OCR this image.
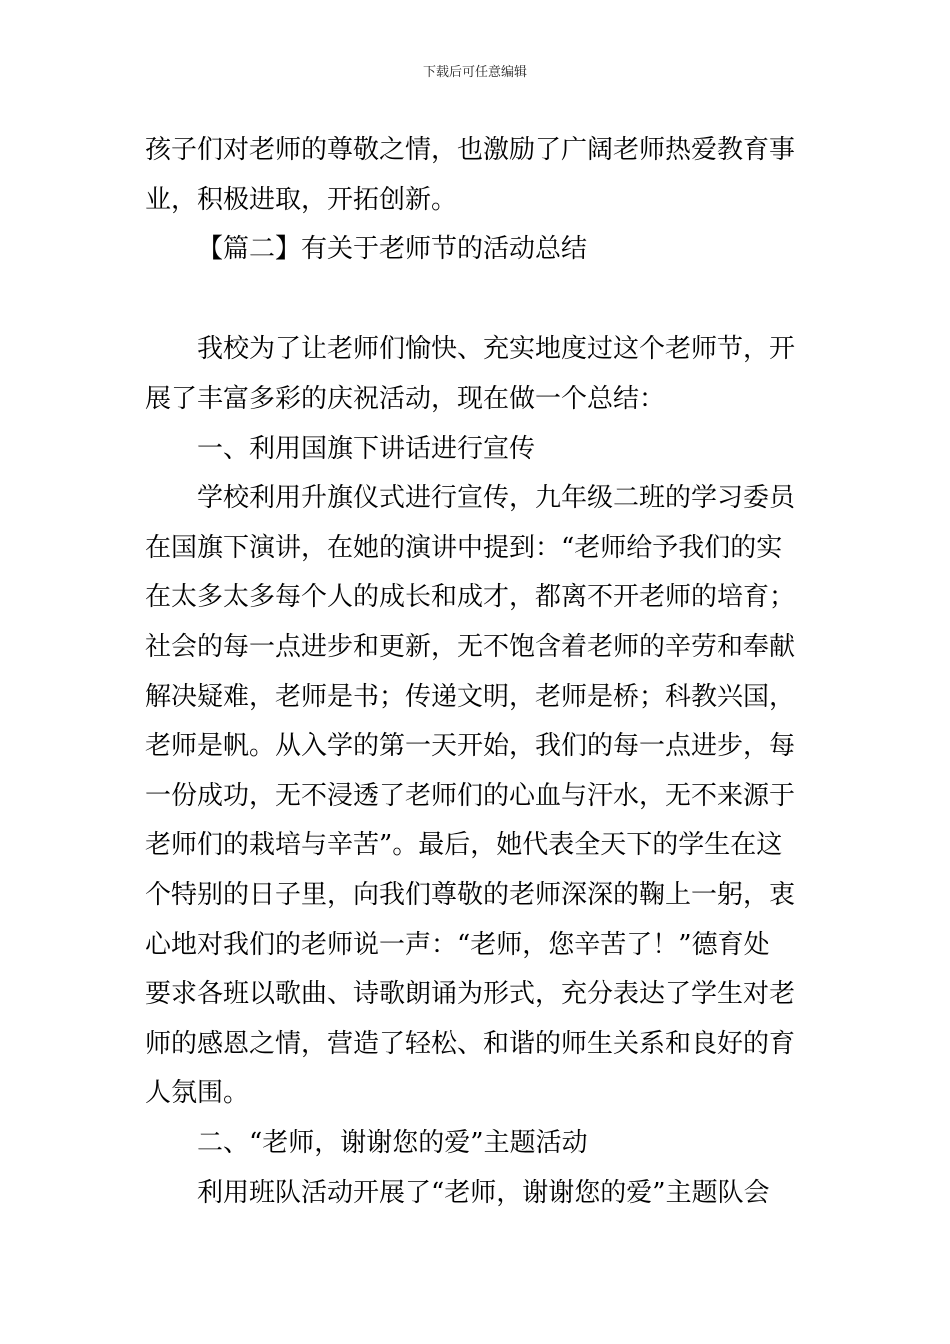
下载后可任意编辑
孩子们对老师的尊敬之情，也激励了广阔老师热爱教育事
业，积极进取，开拓创新。
【篇二】有关于老师节的活动总结
我校为了让老师们愉快、充实地度过这个老师节，开
展了丰富多彩的庆祝活动，现在做一个总结：
一、利用国旗下讲话进行宣传
学校利用升旗仪式进行宣传，九年级二班的学习委员
在国旗下演讲，在她的演讲中提到：“老师给予我们的实
在太多太多每个人的成长和成才，都离不开老师的培育；
社会的每一点进步和更新，无不饱含着老师的辛劳和奉献
解决疑难，老师是书；传递文明，老师是桥；科教兴国，
老师是帆。从入学的第一天开始，我们的每一点进步，每
一份成功，无不浸透了老师们的心血与汗水，无不来源于
老师们的栽培与辛苦”。最后，她代表全天下的学生在这
个特别的日子里，向我们尊敬的老师深深的鞠上一躬，衷
心地对我们的老师说一声：“老师，您辛苦了！”德育处
要求各班以歌曲、诗歌朗诵为形式，充分表达了学生对老
师的感恩之情，营造了轻松、和谐的师生关系和良好的育
人氛围。
二、“老师，谢谢您的爱”主题活动
利用班队活动开展了“老师，谢谢您的爱”主题队会
